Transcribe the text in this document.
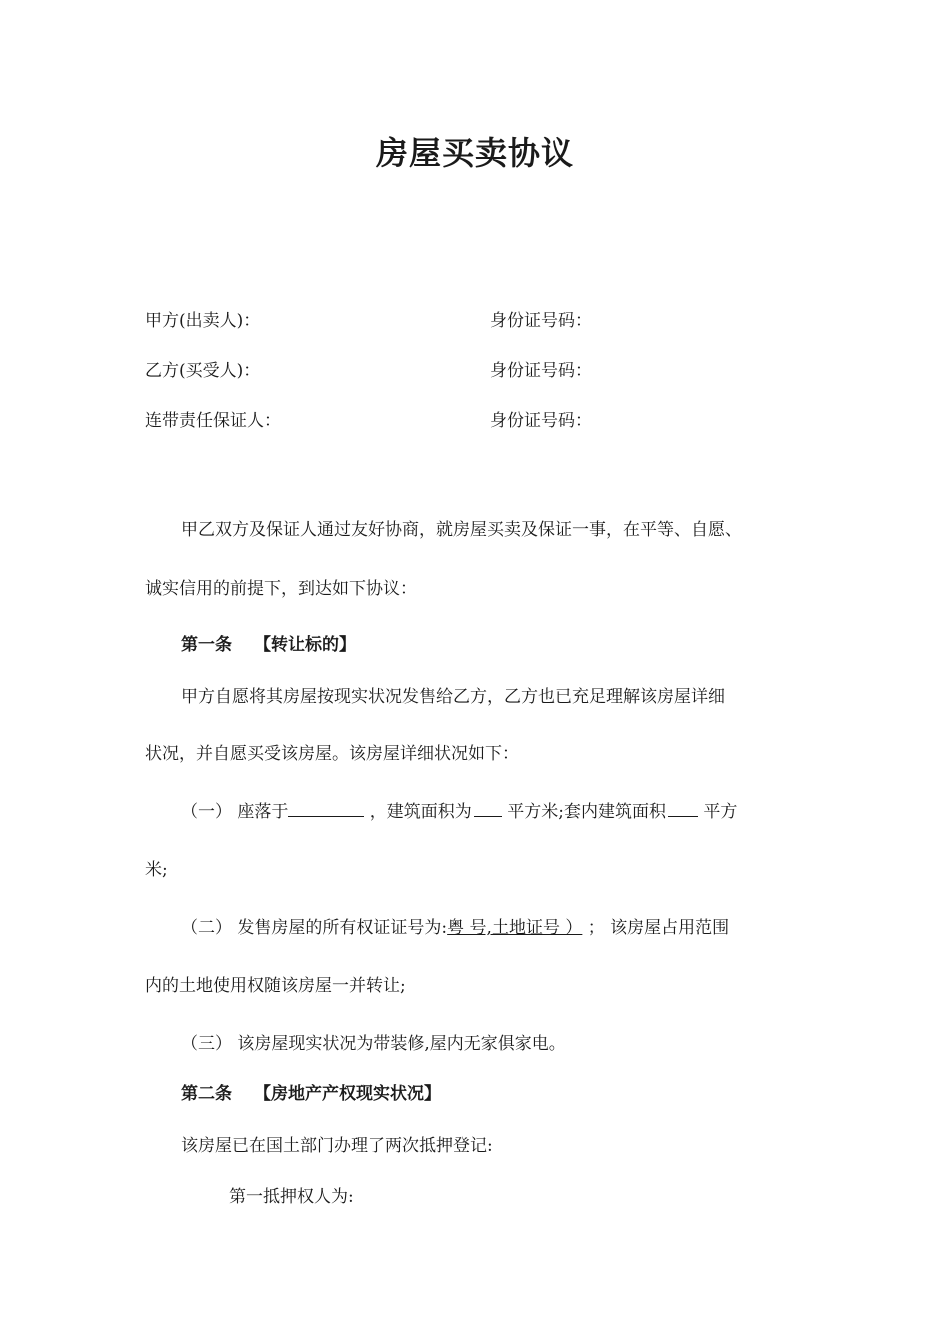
房屋买卖协议
甲方(出卖人)：	身份证号码：
乙方(买受人)：	身份证号码：
连带责任保证人：	身份证号码：
甲乙双方及保证人通过友好协商，就房屋买卖及保证一事，在平等、自愿、
诚实信用的前提下，到达如下协议：
第一条 【转让标的】
甲方自愿将其房屋按现实状况发售给乙方，乙方也已充足理解该房屋详细
状况，并自愿买受该房屋。该房屋详细状况如下：
（一） 座落于	，建筑面积为 平方米;套内建筑面积 平方
米;
（二） 发售房屋的所有权证证号为:粤 号,土地证号 ） ； 该房屋占用范围
内的土地使用权随该房屋一并转让;
（三） 该房屋现实状况为带装修,屋内无家俱家电。
第二条 【房地产产权现实状况】
该房屋已在国土部门办理了两次抵押登记:
第一抵押权人为:
